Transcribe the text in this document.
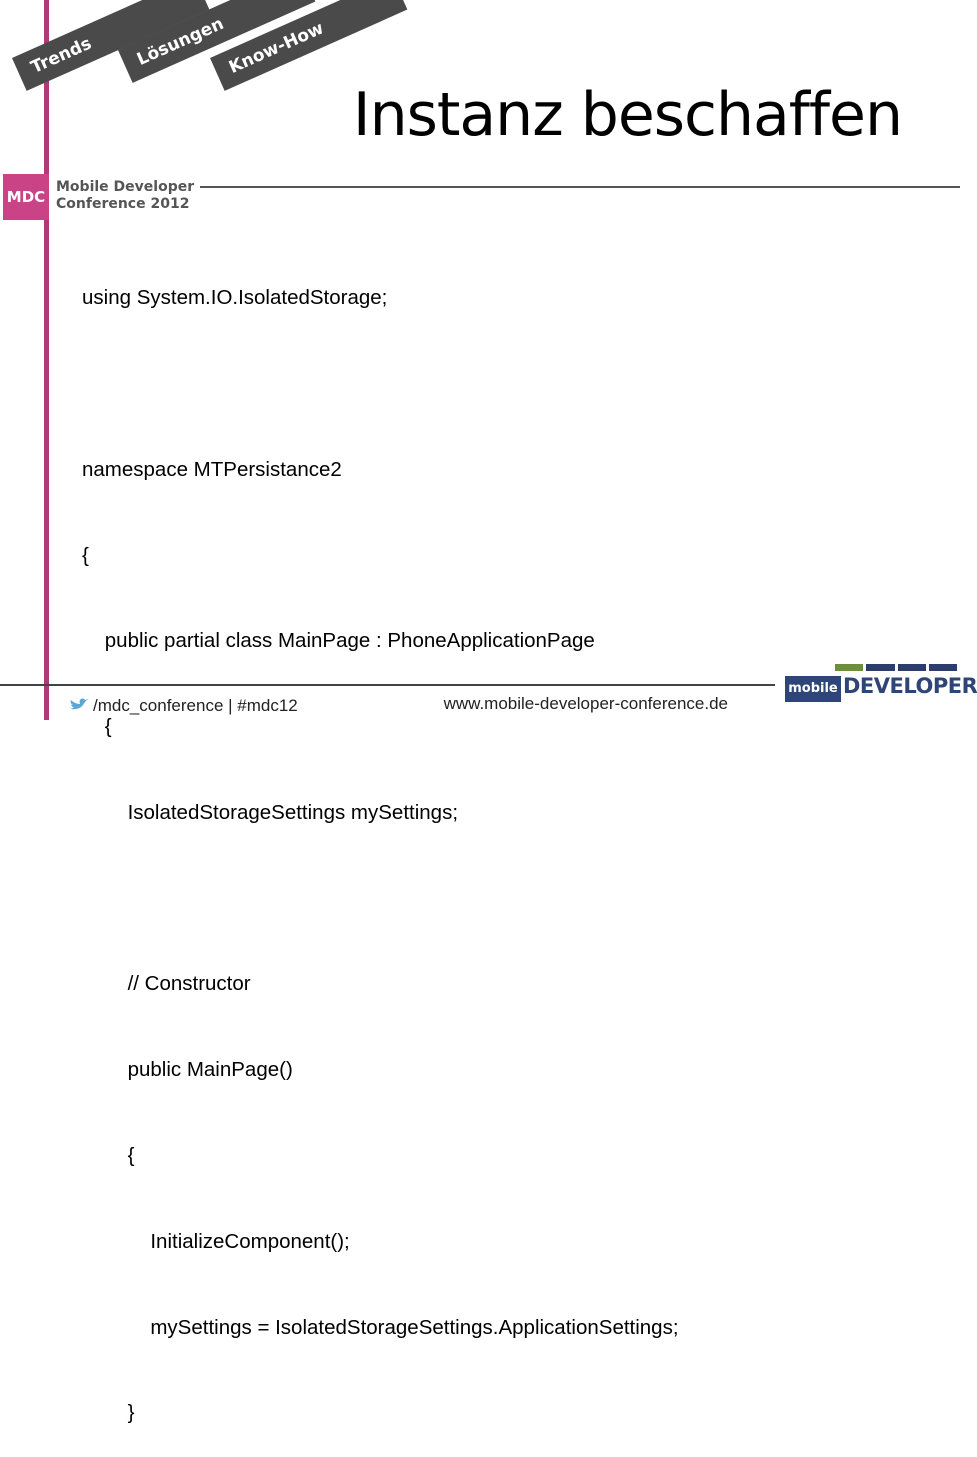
Trends	Lösungen Know-How
Instanz beschaffen
MDC
Mobile Developer
Conference 2012

using System.IO.IsolatedStorage;

namespace MTPersistance2

{

public partial class MainPage : PhoneApplicationPage

{

IsolatedStorageSettings mySettings;

// Constructor

public MainPage()

{

InitializeComponent();

mySettings = IsolatedStorageSettings.ApplicationSettings;

}

/mdc_conference | #mdc12	www.mobile-developer-conference.de
mobile DEVELOPER
